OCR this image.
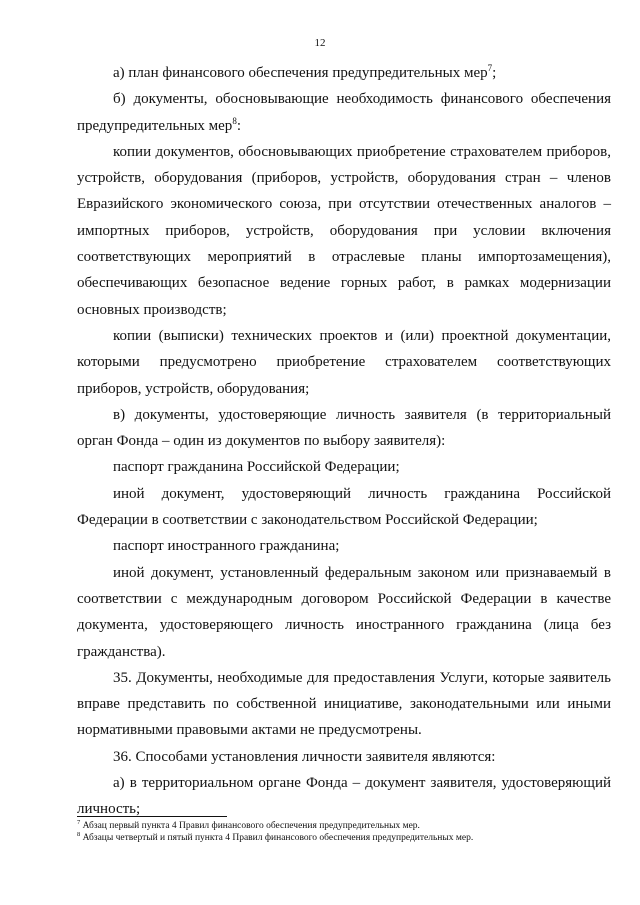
12

а) план финансового обеспечения предупредительных мер$^7$;

б) документы, обосновывающие необходимость финансового обеспечения предупредительных мер$^8$:

копии документов, обосновывающих приобретение страхователем приборов, устройств, оборудования (приборов, устройств, оборудования стран – членов Евразийского экономического союза, при отсутствии отечественных аналогов – импортных приборов, устройств, оборудования при условии включения соответствующих мероприятий в отраслевые планы импортозамещения), обеспечивающих безопасное ведение горных работ, в рамках модернизации основных производств;

копии (выписки) технических проектов и (или) проектной документации, которыми предусмотрено приобретение страхователем соответствующих приборов, устройств, оборудования;

в) документы, удостоверяющие личность заявителя (в территориальный орган Фонда – один из документов по выбору заявителя):

паспорт гражданина Российской Федерации;

иной документ, удостоверяющий личность гражданина Российской Федерации в соответствии с законодательством Российской Федерации;

паспорт иностранного гражданина;

иной документ, установленный федеральным законом или признаваемый в соответствии с международным договором Российской Федерации в качестве документа, удостоверяющего личность иностранного гражданина (лица без гражданства).

35. Документы, необходимые для предоставления Услуги, которые заявитель вправе представить по собственной инициативе, законодательными или иными нормативными правовыми актами не предусмотрены.

36. Способами установления личности заявителя являются:

а) в территориальном органе Фонда – документ заявителя, удостоверяющий личность;

$^7$ Абзац первый пункта 4 Правил финансового обеспечения предупредительных мер.
$^8$ Абзацы четвертый и пятый пункта 4 Правил финансового обеспечения предупредительных мер.
